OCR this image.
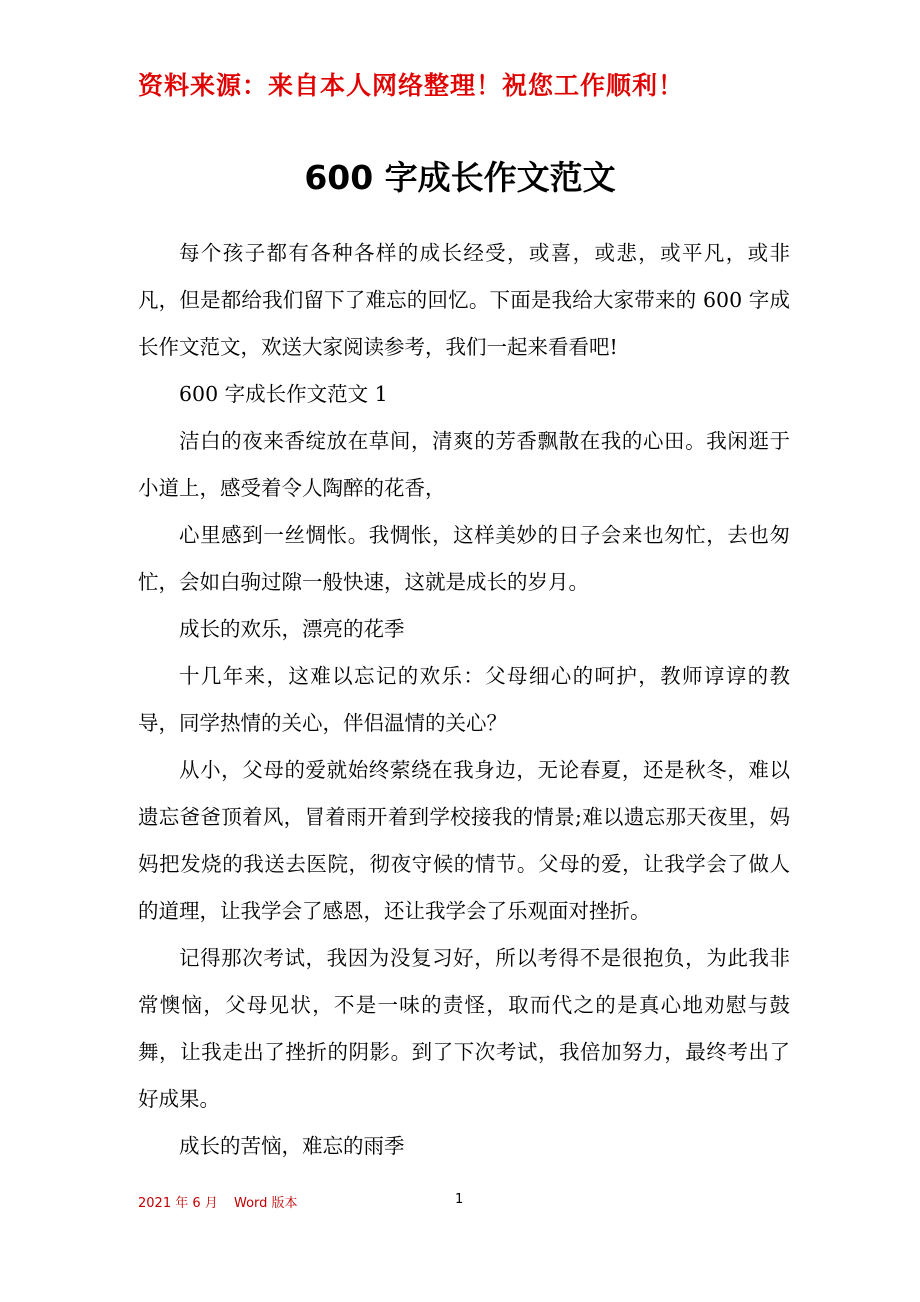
资料来源：来自本人网络整理！祝您工作顺利！
600 字成长作文范文

每个孩子都有各种各样的成长经受，或喜，或悲，或平凡，或非凡，但是都给我们留下了难忘的回忆。下面是我给大家带来的 600 字成长作文范文，欢送大家阅读参考，我们一起来看看吧!

600 字成长作文范文 1

洁白的夜来香绽放在草间，清爽的芳香飘散在我的心田。我闲逛于小道上，感受着令人陶醉的花香，

心里感到一丝惆怅。我惆怅，这样美妙的日子会来也匆忙，去也匆忙，会如白驹过隙一般快速，这就是成长的岁月。

成长的欢乐，漂亮的花季

十几年来，这难以忘记的欢乐：父母细心的呵护，教师谆谆的教导，同学热情的关心，伴侣温情的关心？

从小，父母的爱就始终萦绕在我身边，无论春夏，还是秋冬，难以遗忘爸爸顶着风，冒着雨开着到学校接我的情景;难以遗忘那天夜里，妈妈把发烧的我送去医院，彻夜守候的情节。父母的爱，让我学会了做人的道理，让我学会了感恩，还让我学会了乐观面对挫折。

记得那次考试，我因为没复习好，所以考得不是很抱负，为此我非常懊恼，父母见状，不是一味的责怪，取而代之的是真心地劝慰与鼓舞，让我走出了挫折的阴影。到了下次考试，我倍加努力，最终考出了好成果。

成长的苦恼，难忘的雨季

2021 年 6 月 Word 版本	1
